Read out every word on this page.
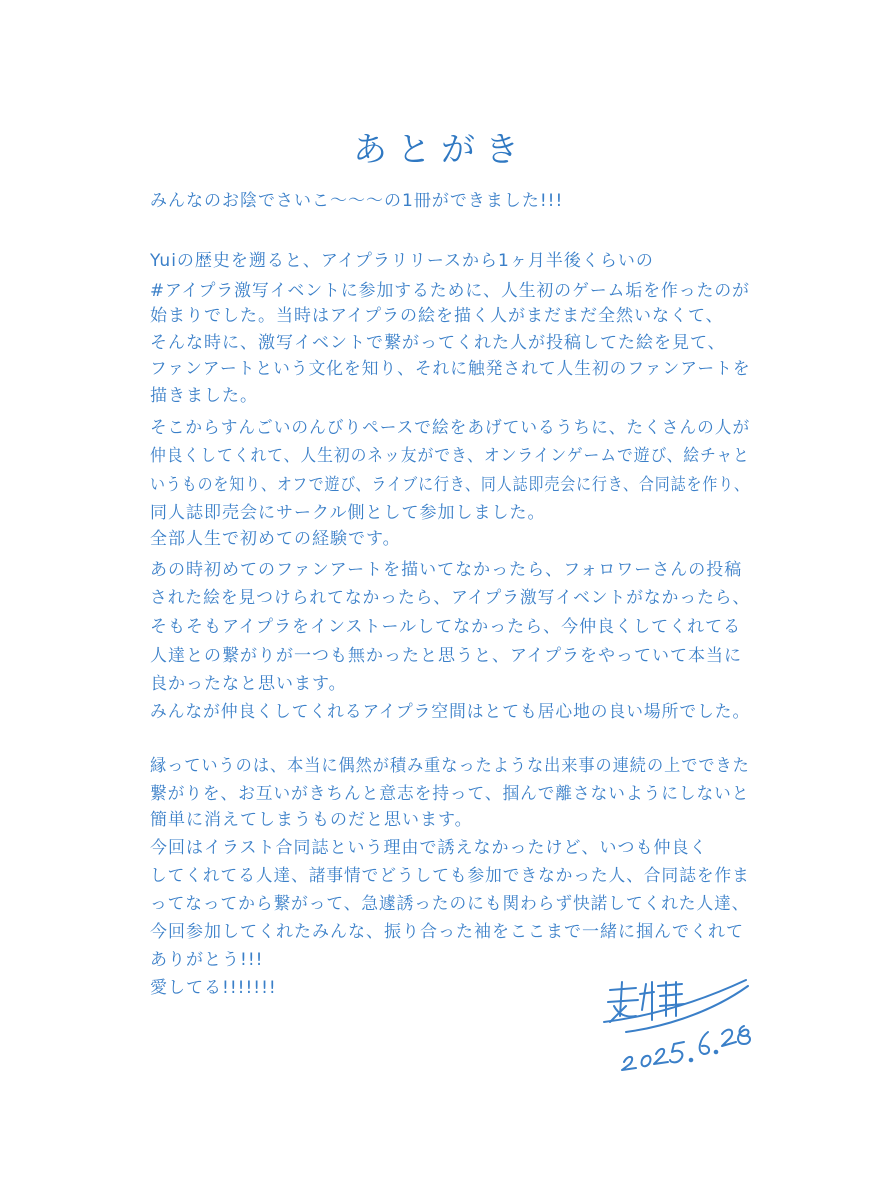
あとがき
みんなのお陰でさいこ〜〜〜の1冊ができました!!!
Yuiの歴史を遡ると、アイプラリリースから1ヶ月半後くらいの
#アイプラ激写イベントに参加するために、人生初のゲーム垢を作ったのが
始まりでした。当時はアイプラの絵を描く人がまだまだ全然いなくて、
そんな時に、激写イベントで繋がってくれた人が投稿してた絵を見て、
ファンアートという文化を知り、それに触発されて人生初のファンアートを
描きました。
そこからすんごいのんびりペースで絵をあげているうちに、たくさんの人が
仲良くしてくれて、人生初のネッ友ができ、オンラインゲームで遊び、絵チャと
いうものを知り、オフで遊び、ライブに行き、同人誌即売会に行き、合同誌を作り、
同人誌即売会にサークル側として参加しました。
全部人生で初めての経験です。
あの時初めてのファンアートを描いてなかったら、フォロワーさんの投稿
された絵を見つけられてなかったら、アイプラ激写イベントがなかったら、
そもそもアイプラをインストールしてなかったら、今仲良くしてくれてる
人達との繋がりが一つも無かったと思うと、アイプラをやっていて本当に
良かったなと思います。
みんなが仲良くしてくれるアイプラ空間はとても居心地の良い場所でした。
縁っていうのは、本当に偶然が積み重なったような出来事の連続の上でできた
繋がりを、お互いがきちんと意志を持って、掴んで離さないようにしないと
簡単に消えてしまうものだと思います。
今回はイラスト合同誌という理由で誘えなかったけど、いつも仲良く
してくれてる人達、諸事情でどうしても参加できなかった人、合同誌を作ま
ってなってから繋がって、急遽誘ったのにも関わらず快諾してくれた人達、
今回参加してくれたみんな、振り合った袖をここまで一緒に掴んでくれて
ありがとう!!!
愛してる!!!!!!!
